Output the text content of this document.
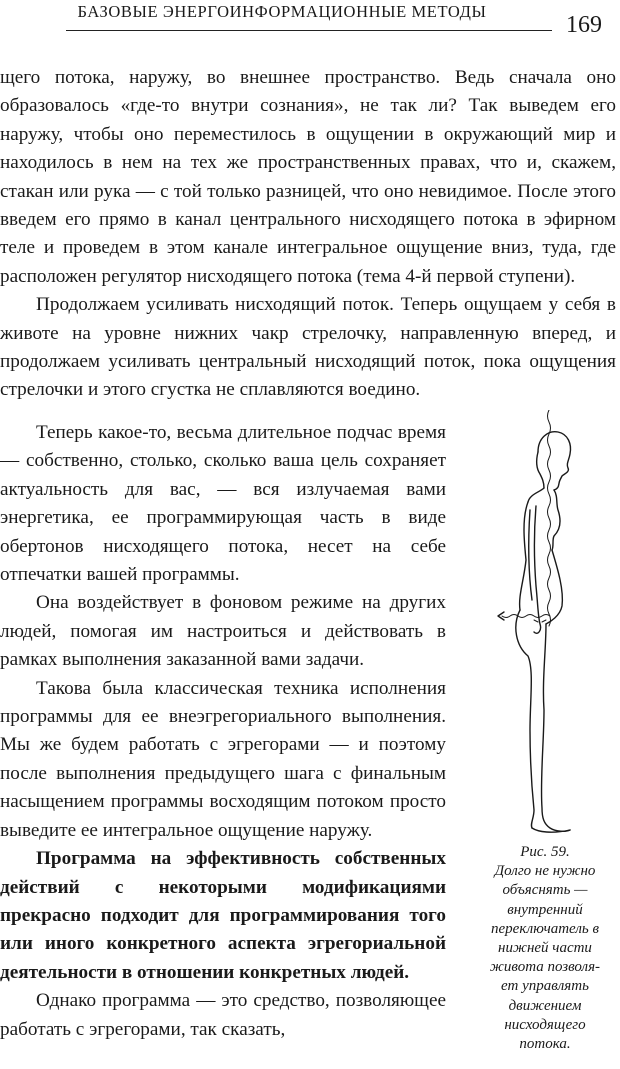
БАЗОВЫЕ ЭНЕРГОИНФОРМАЦИОННЫЕ МЕТОДЫ
169

щего потока, наружу, во внешнее пространство. Ведь сначала оно образовалось «где-то внутри сознания», не так ли? Так выведем его наружу, чтобы оно переместилось в ощущении в окружающий мир и находилось в нем на тех же пространственных правах, что и, скажем, стакан или рука — с той только разницей, что оно невидимое. После этого введем его прямо в канал центрального нисходящего потока в эфирном теле и проведем в этом канале интегральное ощущение вниз, туда, где расположен регулятор нисходящего потока (тема 4-й первой ступени).

Продолжаем усиливать нисходящий поток. Теперь ощущаем у себя в животе на уровне нижних чакр стрелочку, направленную вперед, и продолжаем усиливать центральный нисходящий поток, пока ощущения стрелочки и этого сгустка не сплавляются воедино.

Теперь какое-то, весьма длительное подчас время — собственно, столько, сколько ваша цель сохраняет актуальность для вас, — вся излучаемая вами энергетика, ее программирующая часть в виде обертонов нисходящего потока, несет на себе отпечатки вашей программы.

Она воздействует в фоновом режиме на других людей, помогая им настроиться и действовать в рамках выполнения заказанной вами задачи.

Такова была классическая техника исполнения программы для ее внеэгрегориального выполнения. Мы же будем работать с эгрегорами — и поэтому после выполнения предыдущего шага с финальным насыщением программы восходящим потоком просто выведите ее интегральное ощущение наружу.

Программа на эффективность собственных действий с некоторыми модификациями прекрасно подходит для программирования того или иного конкретного аспекта эгрегориальной деятельности в отношении конкретных людей.

Однако программа — это средство, позволяющее работать с эгрегорами, так сказать,

Рис. 59.
Долго не нужно
объяснять —
внутренний
переключатель в
нижней части
живота позволя-
ет управлять
движением
нисходящего
потока.
